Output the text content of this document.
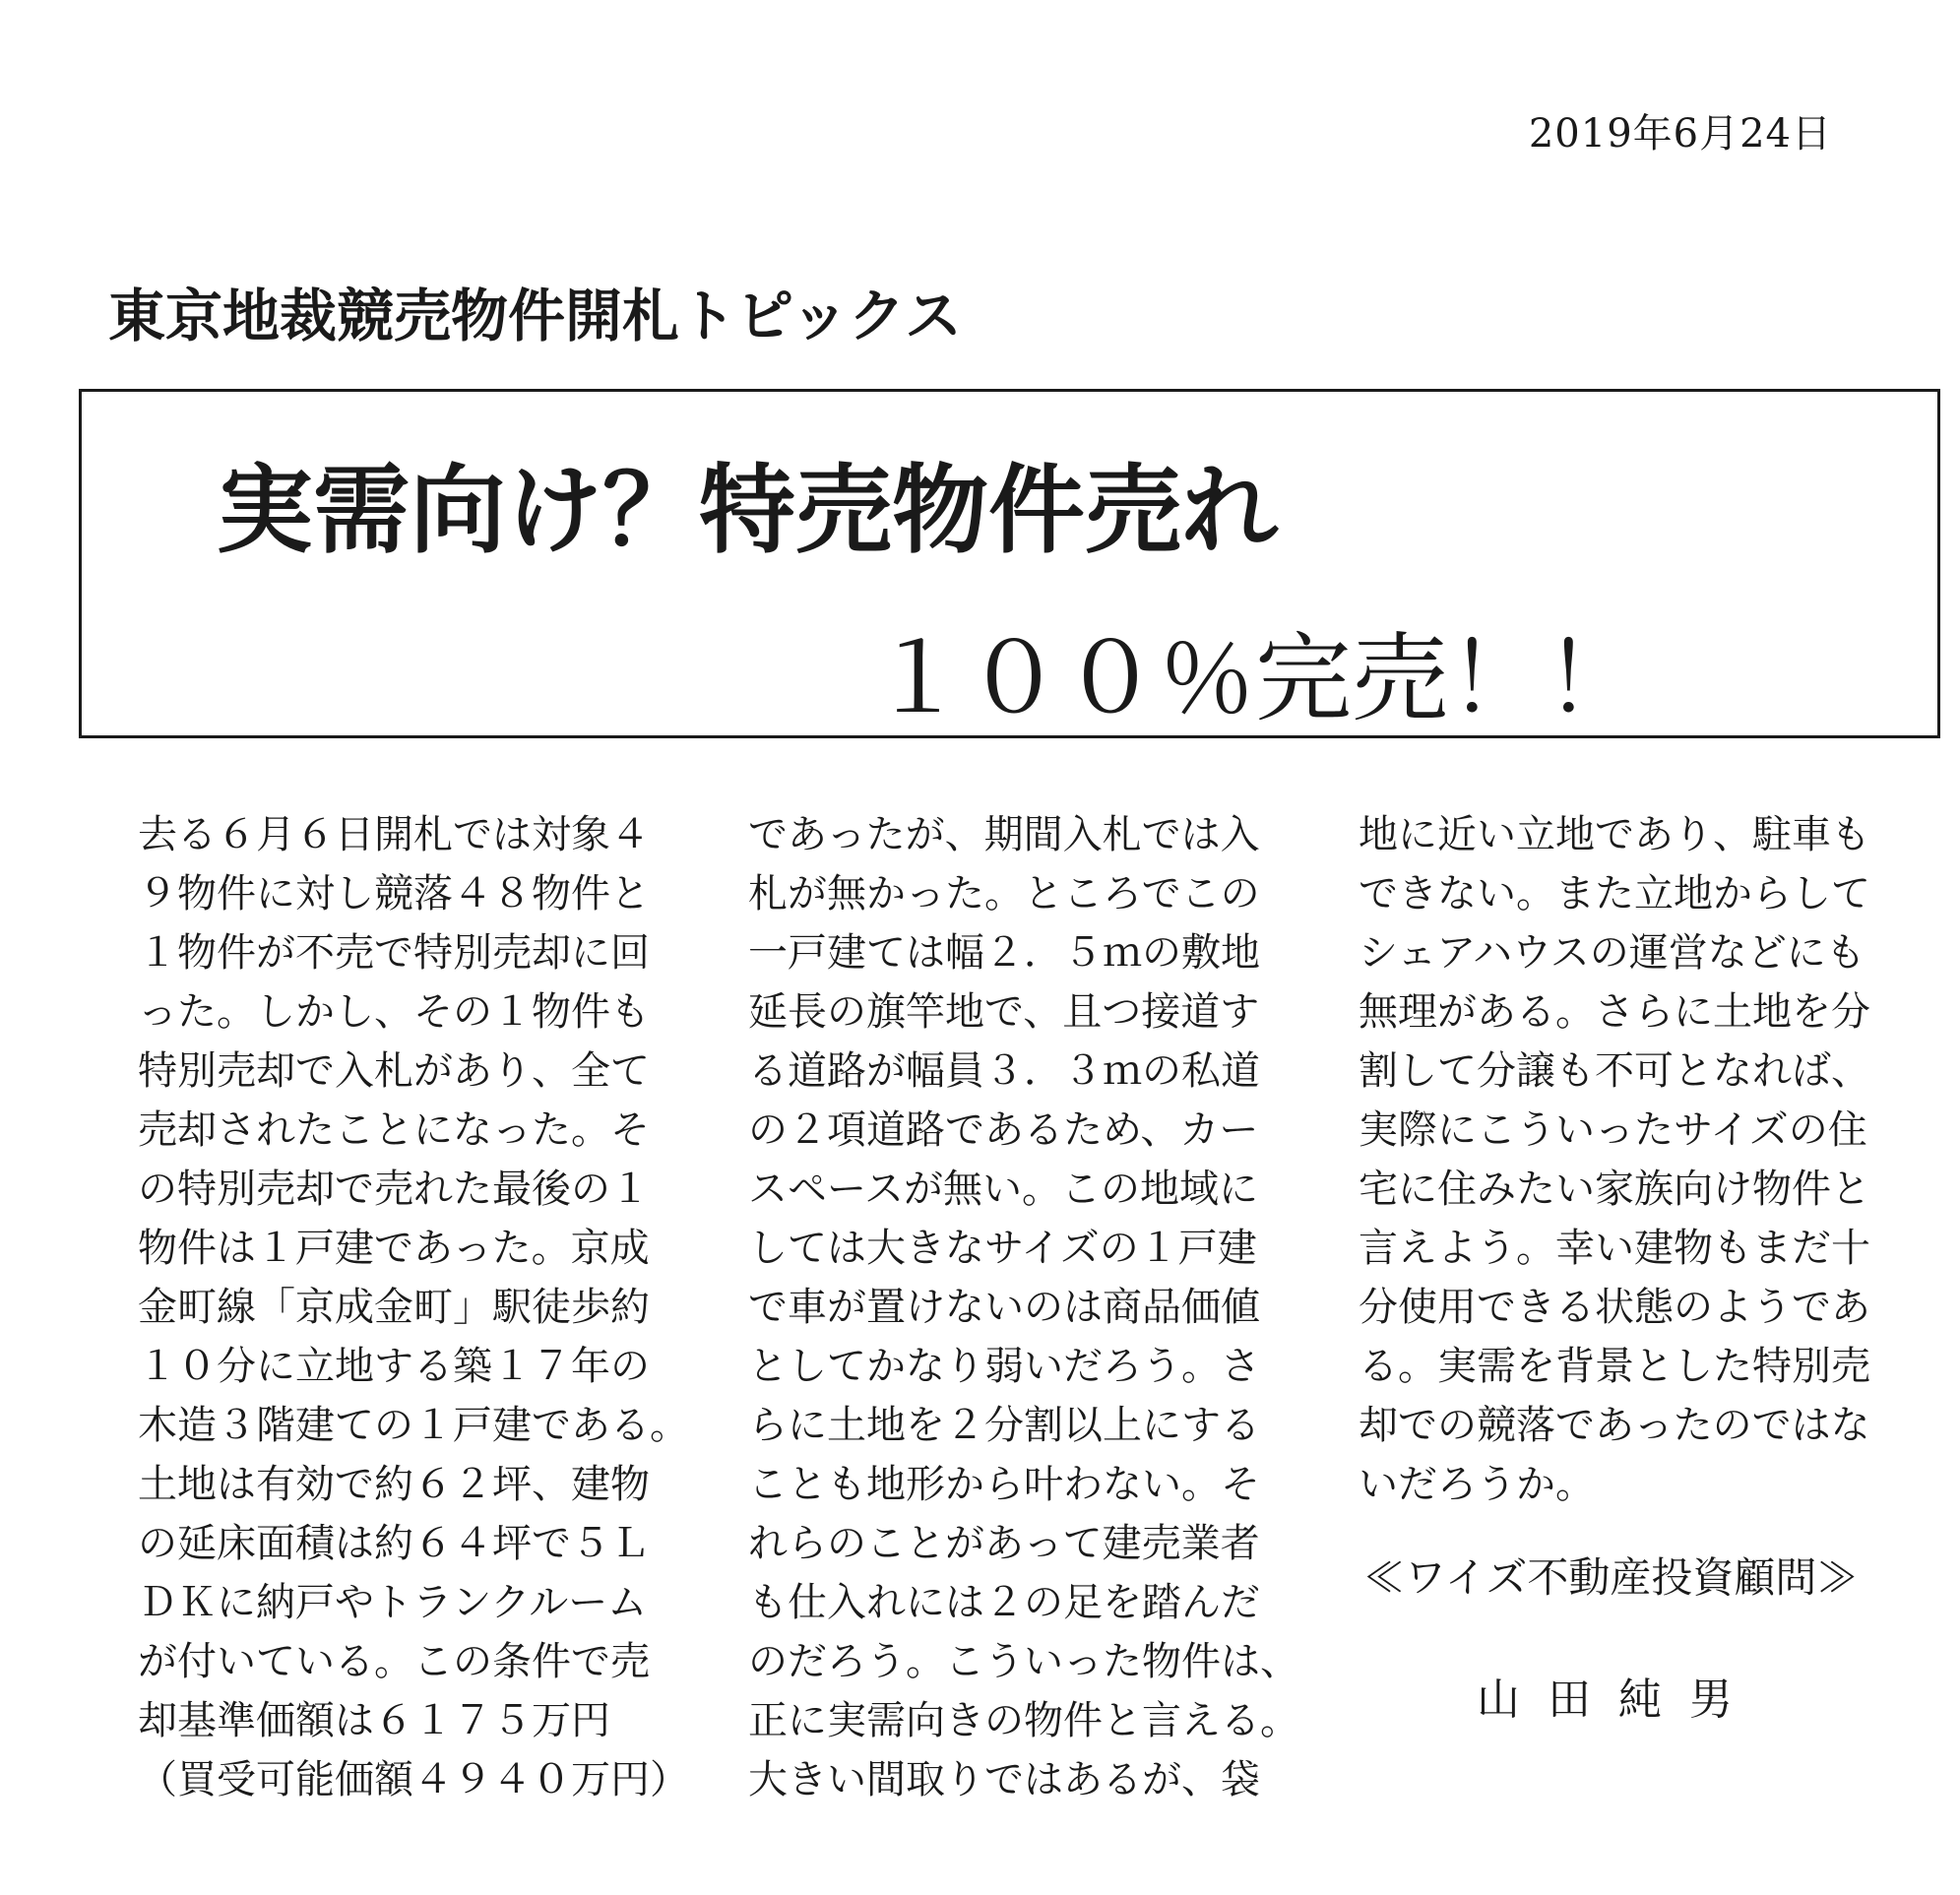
2019年6月24日
東京地裁競売物件開札トピックス
実需向け？特売物件売れ
１００％完売！！
去る６月６日開札では対象４
９物件に対し競落４８物件と
１物件が不売で特別売却に回
った。しかし、その１物件も
特別売却で入札があり、全て
売却されたことになった。そ
の特別売却で売れた最後の１
物件は１戸建であった。京成
金町線「京成金町」駅徒歩約
１０分に立地する築１７年の
木造３階建ての１戸建である。
土地は有効で約６２坪、建物
の延床面積は約６４坪で５Ｌ
ＤＫに納戸やトランクルーム
が付いている。この条件で売
却基準価額は６１７５万円
（買受可能価額４９４０万円）
であったが、期間入札では入
札が無かった。ところでこの
一戸建ては幅２．５ｍの敷地
延長の旗竿地で、且つ接道す
る道路が幅員３．３ｍの私道
の２項道路であるため、カー
スペースが無い。この地域に
しては大きなサイズの１戸建
で車が置けないのは商品価値
としてかなり弱いだろう。さ
らに土地を２分割以上にする
ことも地形から叶わない。そ
れらのことがあって建売業者
も仕入れには２の足を踏んだ
のだろう。こういった物件は、
正に実需向きの物件と言える。
大きい間取りではあるが、袋
地に近い立地であり、駐車も
できない。また立地からして
シェアハウスの運営などにも
無理がある。さらに土地を分
割して分譲も不可となれば、
実際にこういったサイズの住
宅に住みたい家族向け物件と
言えよう。幸い建物もまだ十
分使用できる状態のようであ
る。実需を背景とした特別売
却での競落であったのではな
いだろうか。
≪ワイズ不動産投資顧問≫
山田純男
